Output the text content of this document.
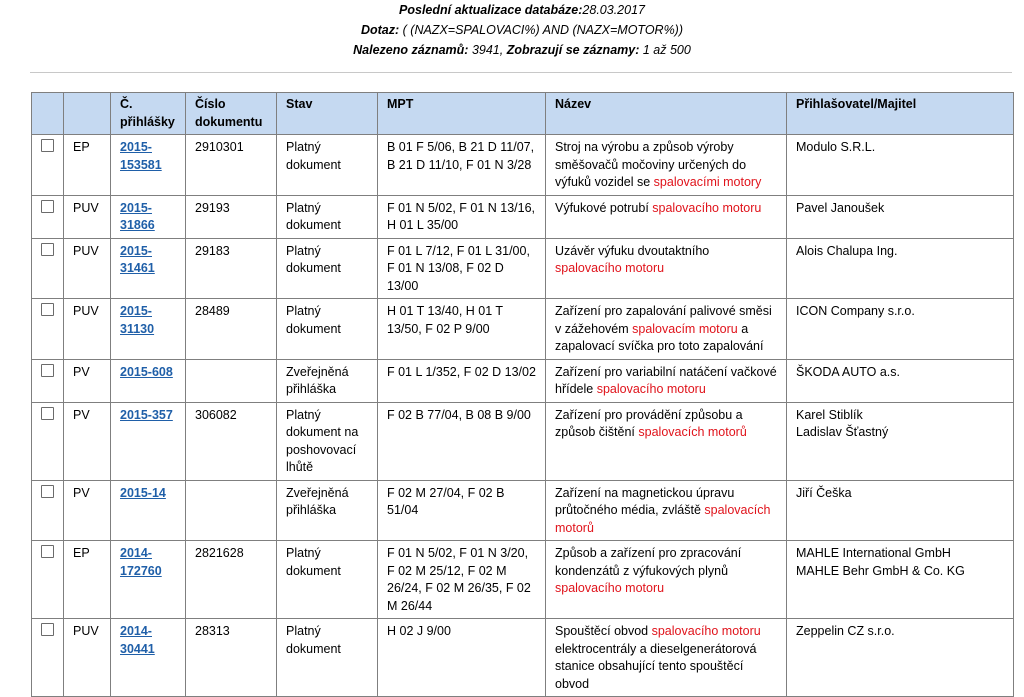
Poslední aktualizace databáze:28.03.2017
Dotaz: ( (NAZX=SPALOVACI%) AND (NAZX=MOTOR%))
Nalezeno záznamů: 3941, Zobrazují se záznamy: 1 až 500
		Č. přihlášky	Číslo dokumentu	Stav	MPT	Název	Přihlašovatel/Majitel

	EP	2015-153581	2910301	Platný dokument	B 01 F 5/06, B 21 D 11/07, B 21 D 11/10, F 01 N 3/28	Stroj na výrobu a způsob výroby směšovačů močoviny určených do výfuků vozidel se spalovacími motory	Modulo S.R.L.

	PUV	2015-31866	29193	Platný dokument	F 01 N 5/02, F 01 N 13/16, H 01 L 35/00	Výfukové potrubí spalovacího motoru	Pavel Janoušek

	PUV	2015-31461	29183	Platný dokument	F 01 L 7/12, F 01 L 31/00, F 01 N 13/08, F 02 D 13/00	Uzávěr výfuku dvoutaktního spalovacího motoru	Alois Chalupa Ing.

	PUV	2015-31130	28489	Platný dokument	H 01 T 13/40, H 01 T 13/50, F 02 P 9/00	Zařízení pro zapalování palivové směsi v zážehovém spalovacím motoru a zapalovací svíčka pro toto zapalování	ICON Company s.r.o.

	PV	2015-608		Zveřejněná přihláška	F 01 L 1/352, F 02 D 13/02	Zařízení pro variabilní natáčení vačkové hřídele spalovacího motoru	ŠKODA AUTO a.s.

	PV	2015-357	306082	Platný dokument na poshovovací lhůtě	F 02 B 77/04, B 08 B 9/00	Zařízení pro provádění způsobu a způsob čištění spalovacích motorů	Karel Stiblík
Ladislav Šťastný

	PV	2015-14		Zveřejněná přihláška	F 02 M 27/04, F 02 B 51/04	Zařízení na magnetickou úpravu průtočného média, zvláště spalovacích motorů	Jiří Češka

	EP	2014-172760	2821628	Platný dokument	F 01 N 5/02, F 01 N 3/20, F 02 M 25/12, F 02 M 26/24, F 02 M 26/35, F 02 M 26/44	Způsob a zařízení pro zpracování kondenzátů z výfukových plynů spalovacího motoru	MAHLE International GmbH
MAHLE Behr GmbH & Co. KG

	PUV	2014-30441	28313	Platný dokument	H 02 J 9/00	Spouštěcí obvod spalovacího motoru elektrocentrály a dieselgenerátorová stanice obsahující tento spouštěcí obvod	Zeppelin CZ s.r.o.
